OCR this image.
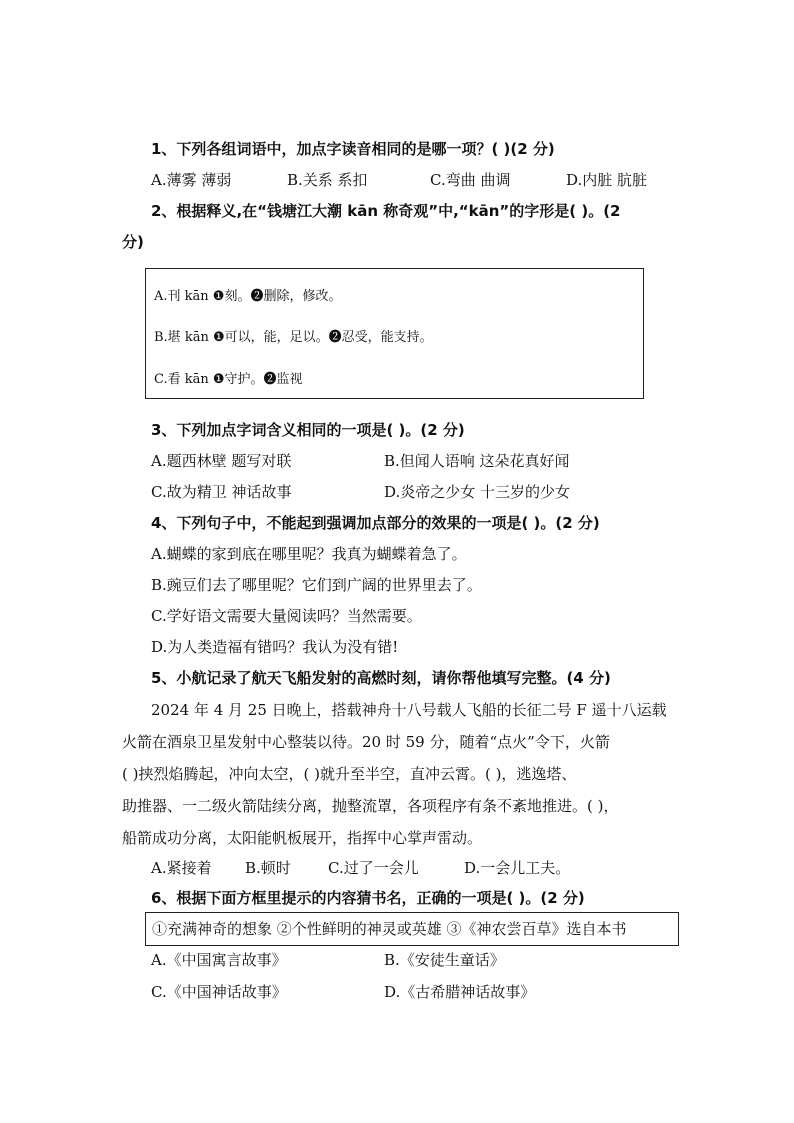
1、下列各组词语中，加点字读音相同的是哪一项？( )(2 分)
A.薄雾 薄弱	B.关系 系扣	C.弯曲 曲调	D.内脏 肮脏
2、根据释义,在“钱塘江大潮 kān 称奇观”中,“kān”的字形是( )。(2
分)
A.刊 kān ❶刻。❷删除，修改。
B.堪 kān ❶可以，能，足以。❷忍受，能支持。
C.看 kān ❶守护。❷监视
3、下列加点字词含义相同的一项是( )。(2 分)
A.题西林壁 题写对联	B.但闻人语响 这朵花真好闻
C.故为精卫 神话故事	D.炎帝之少女 十三岁的少女
4、下列句子中，不能起到强调加点部分的效果的一项是( )。(2 分)
A.蝴蝶的家到底在哪里呢？我真为蝴蝶着急了。
B.豌豆们去了哪里呢？它们到广阔的世界里去了。
C.学好语文需要大量阅读吗？当然需要。
D.为人类造福有错吗？我认为没有错!
5、小航记录了航天飞船发射的高燃时刻，请你帮他填写完整。(4 分)
2024 年 4 月 25 日晚上，搭载神舟十八号载人飞船的长征二号 F 遥十八运载
火箭在酒泉卫星发射中心整装以待。20 时 59 分，随着“点火”令下，火箭
( )挟烈焰腾起，冲向太空，( )就升至半空，直冲云霄。( )，逃逸塔、
助推器、一二级火箭陆续分离，抛整流罩，各项程序有条不紊地推进。( )，
船箭成功分离，太阳能帆板展开，指挥中心掌声雷动。
A.紧接着 B.顿时 C.过了一会儿	D.一会儿工夫。
6、根据下面方框里提示的内容猜书名，正确的一项是( )。(2 分)
①充满神奇的想象 ②个性鲜明的神灵或英雄 ③《神农尝百草》选自本书
A.《中国寓言故事》	B.《安徒生童话》
C.《中国神话故事》	D.《古希腊神话故事》
